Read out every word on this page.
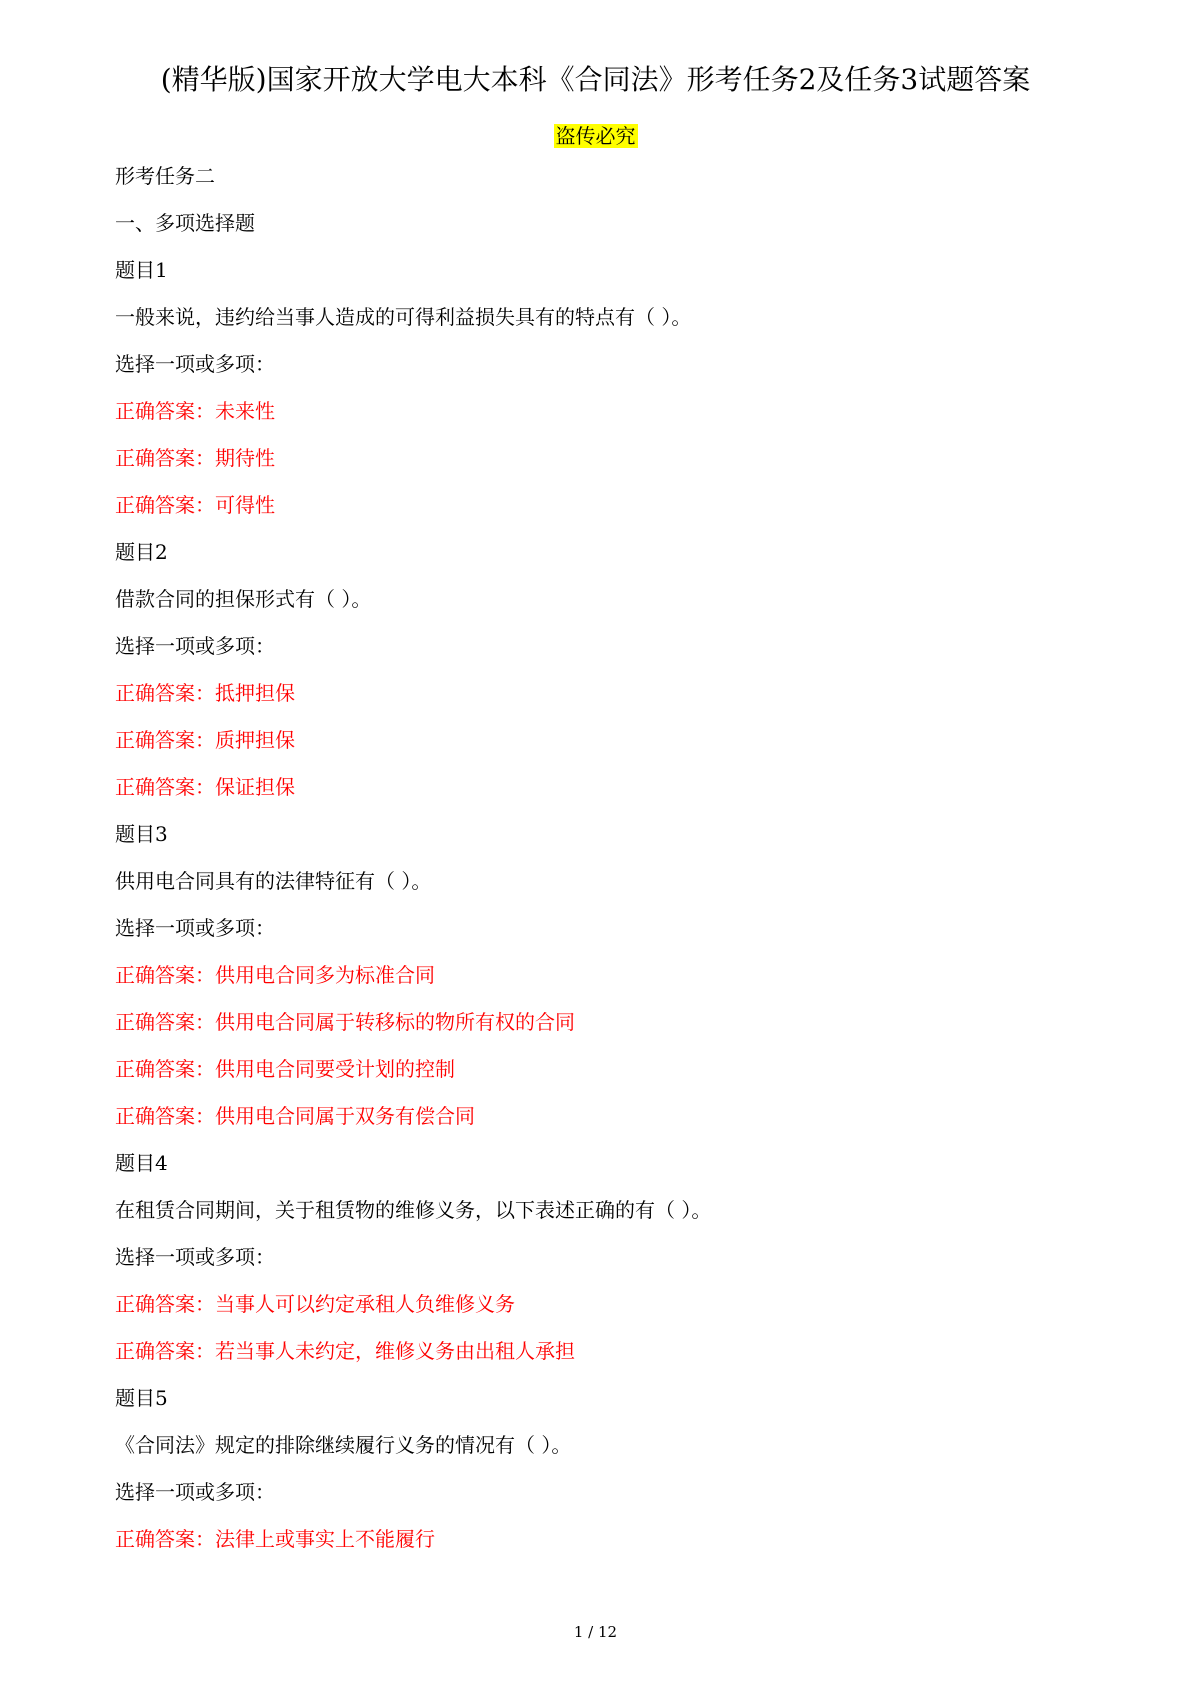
(精华版)国家开放大学电大本科《合同法》形考任务2及任务3试题答案
盗传必究
形考任务二
一、多项选择题
题目1
一般来说，违约给当事人造成的可得利益损失具有的特点有（ ）。
选择一项或多项：
正确答案：未来性
正确答案：期待性
正确答案：可得性
题目2
借款合同的担保形式有（ ）。
选择一项或多项：
正确答案：抵押担保
正确答案：质押担保
正确答案：保证担保
题目3
供用电合同具有的法律特征有（ ）。
选择一项或多项：
正确答案：供用电合同多为标准合同
正确答案：供用电合同属于转移标的物所有权的合同
正确答案：供用电合同要受计划的控制
正确答案：供用电合同属于双务有偿合同
题目4
在租赁合同期间，关于租赁物的维修义务，以下表述正确的有（ ）。
选择一项或多项：
正确答案：当事人可以约定承租人负维修义务
正确答案：若当事人未约定，维修义务由出租人承担
题目5
《合同法》规定的排除继续履行义务的情况有（ ）。
选择一项或多项：
正确答案：法律上或事实上不能履行
1 / 12
